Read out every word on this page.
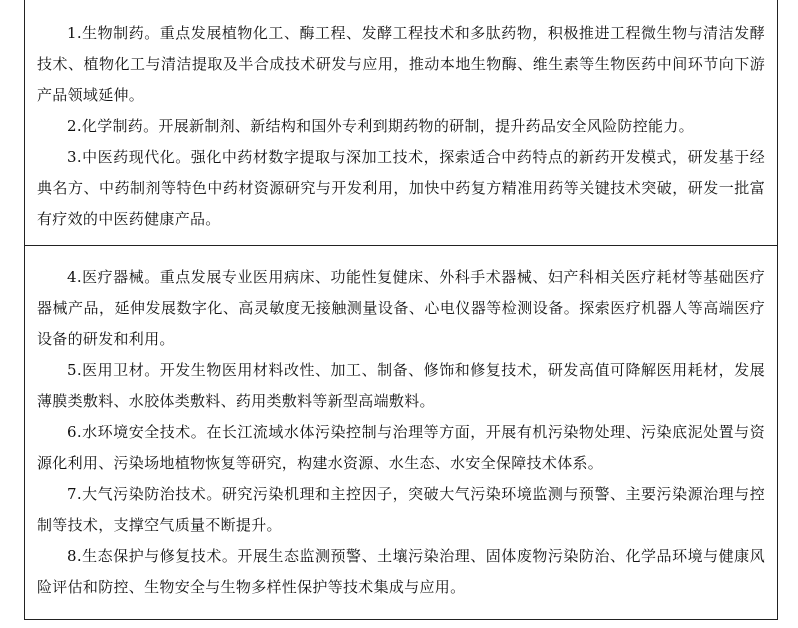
1.生物制药。重点发展植物化工、酶工程、发酵工程技术和多肽药物，积极推进工程微生物与清洁发酵技术、植物化工与清洁提取及半合成技术研发与应用，推动本地生物酶、维生素等生物医药中间环节向下游产品领域延伸。

2.化学制药。开展新制剂、新结构和国外专利到期药物的研制，提升药品安全风险防控能力。

3.中医药现代化。强化中药材数字提取与深加工技术，探索适合中药特点的新药开发模式，研发基于经典名方、中药制剂等特色中药材资源研究与开发利用，加快中药复方精准用药等关键技术突破，研发一批富有疗效的中医药健康产品。

4.医疗器械。重点发展专业医用病床、功能性复健床、外科手术器械、妇产科相关医疗耗材等基础医疗器械产品，延伸发展数字化、高灵敏度无接触测量设备、心电仪器等检测设备。探索医疗机器人等高端医疗设备的研发和利用。

5.医用卫材。开发生物医用材料改性、加工、制备、修饰和修复技术，研发高值可降解医用耗材，发展薄膜类敷料、水胶体类敷料、药用类敷料等新型高端敷料。

6.水环境安全技术。在长江流域水体污染控制与治理等方面，开展有机污染物处理、污染底泥处置与资源化利用、污染场地植物恢复等研究，构建水资源、水生态、水安全保障技术体系。

7.大气污染防治技术。研究污染机理和主控因子，突破大气污染环境监测与预警、主要污染源治理与控制等技术，支撑空气质量不断提升。

8.生态保护与修复技术。开展生态监测预警、土壤污染治理、固体废物污染防治、化学品环境与健康风险评估和防控、生物安全与生物多样性保护等技术集成与应用。
